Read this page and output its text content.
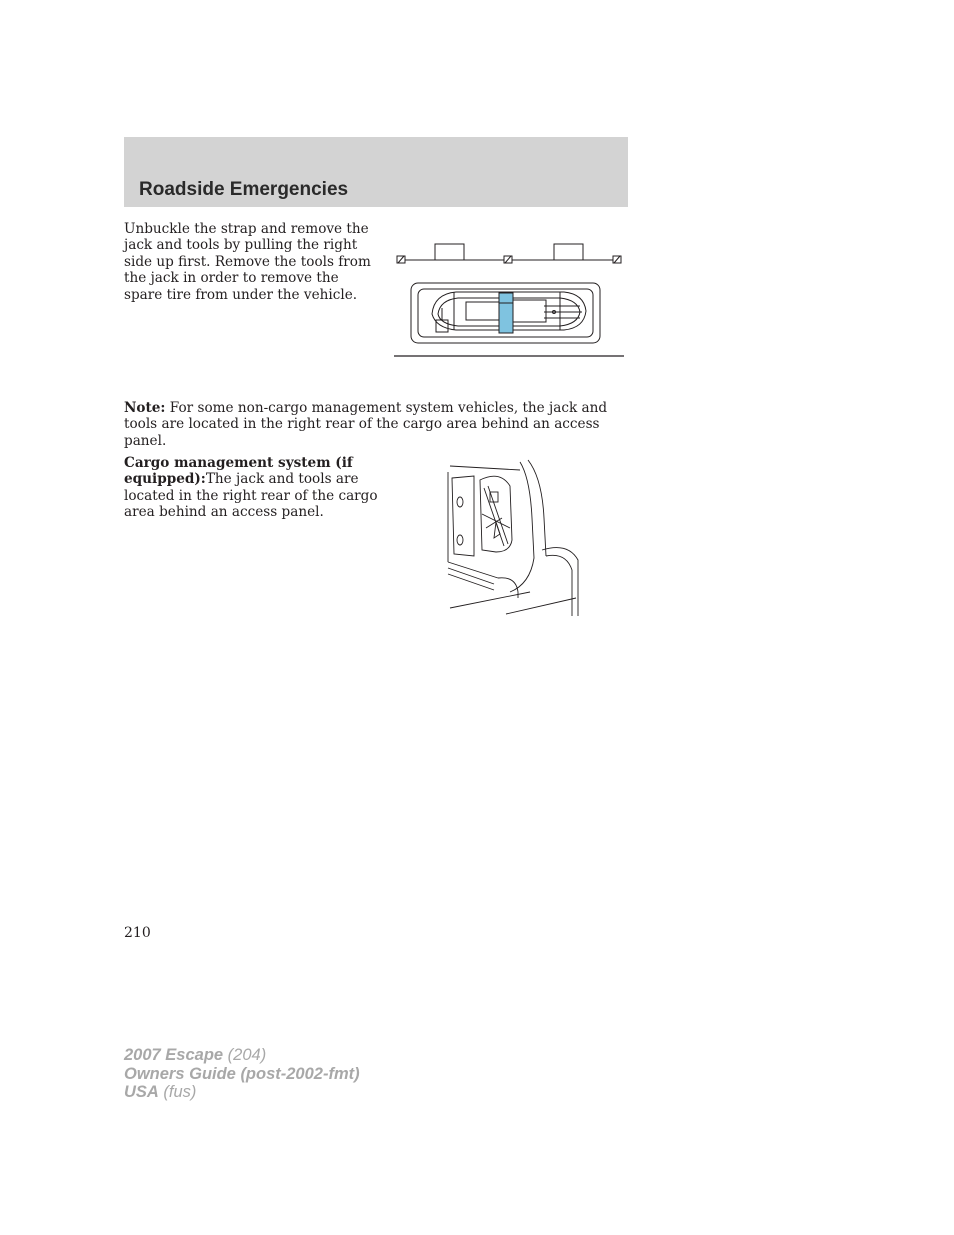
Roadside Emergencies

Unbuckle the strap and remove the jack and tools by pulling the right side up first. Remove the tools from the jack in order to remove the spare tire from under the vehicle.

Note: For some non-cargo management system vehicles, the jack and tools are located in the right rear of the cargo area behind an access panel.

Cargo management system (if equipped):The jack and tools are located in the right rear of the cargo area behind an access panel.

210

2007 Escape (204)
Owners Guide (post-2002-fmt)
USA (fus)
